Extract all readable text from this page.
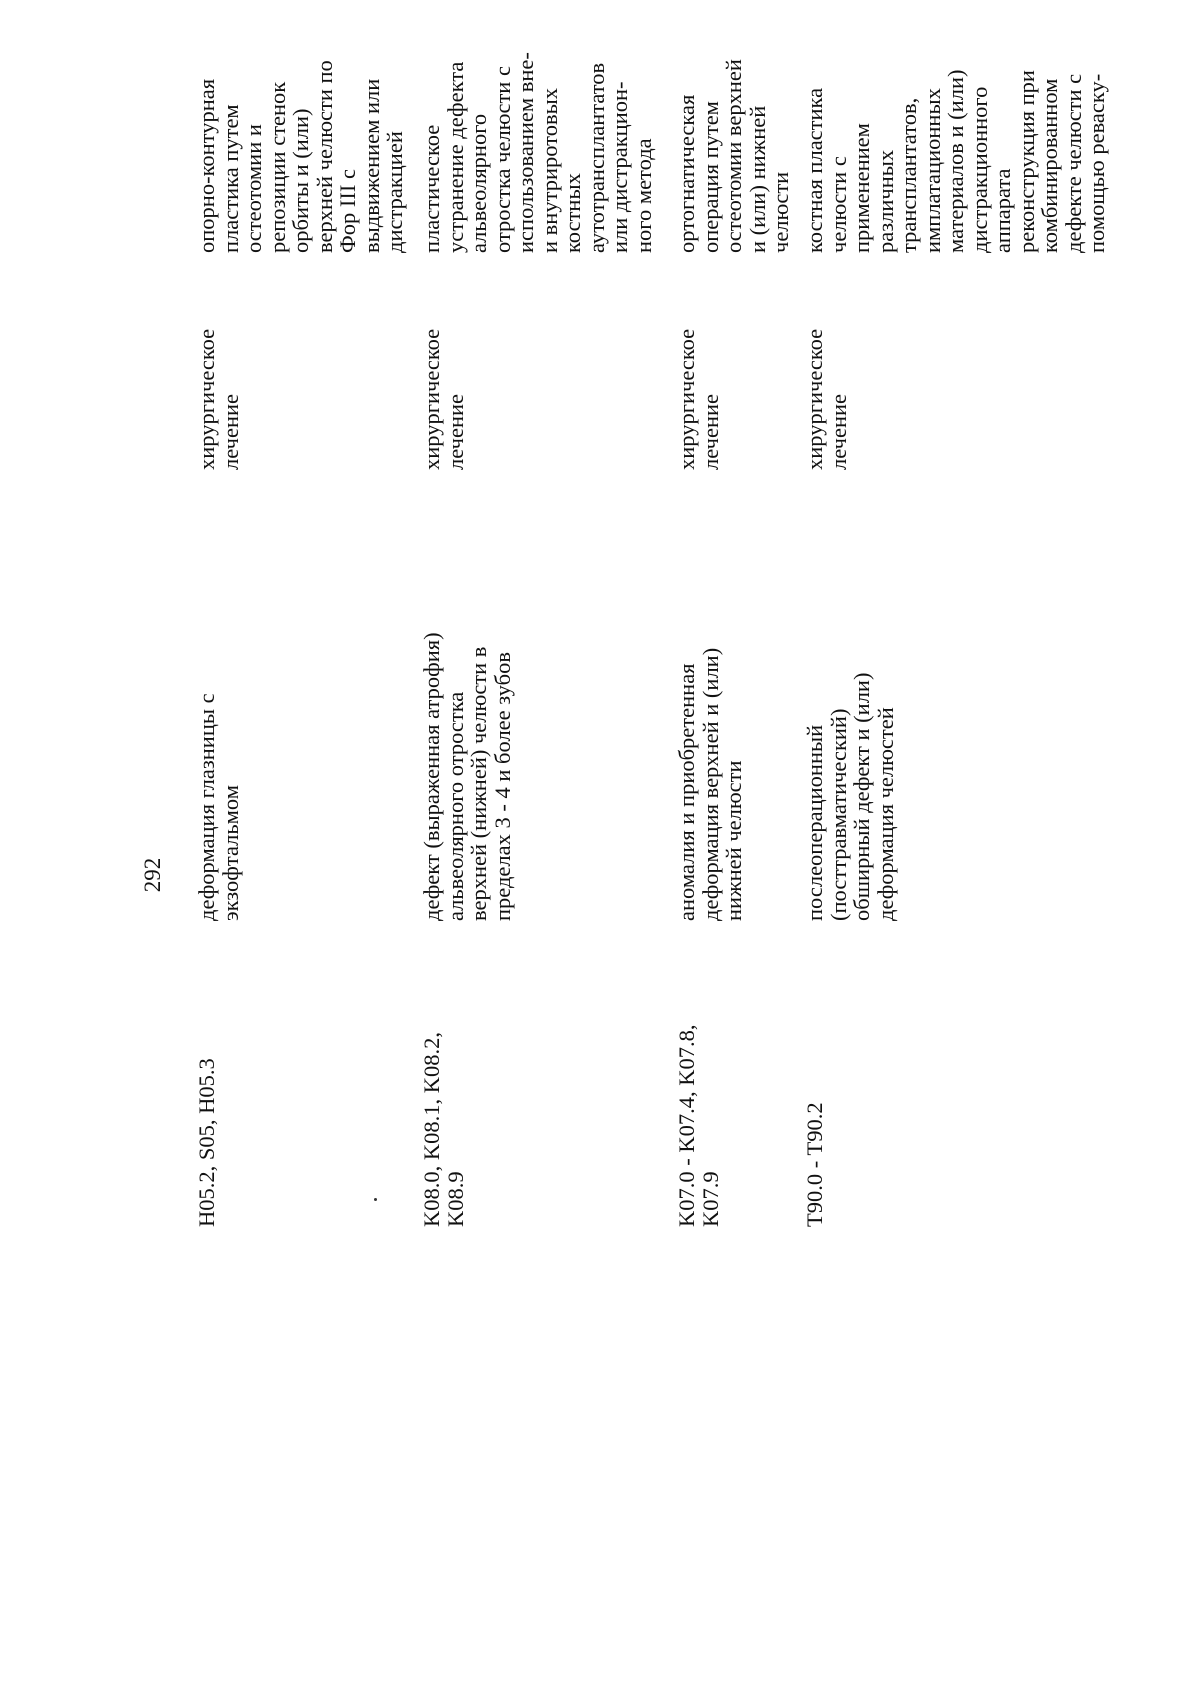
292
H05.2, S05, H05.3
деформация глазницы с
экзофтальмом
хирургическое
лечение
опорно-контурная
пластика путем
остеотомии и
репозиции стенок
орбиты и (или)
верхней челюсти по
Фор III с
выдвижением или
дистракцией
K08.0, K08.1, K08.2,
K08.9
дефект (выраженная атрофия)
альвеолярного отростка
верхней (нижней) челюсти в
пределах 3 - 4 и более зубов
хирургическое
лечение
пластическое
устранение дефекта
альвеолярного
отростка челюсти с
использованием вне-
и внутриротовых
костных
аутотрансплантатов
или дистракцион-
ного метода
K07.0 - K07.4, K07.8,
K07.9
аномалия и приобретенная
деформация верхней и (или)
нижней челюсти
хирургическое
лечение
ортогнатическая
операция путем
остеотомии верхней
и (или) нижней
челюсти
T90.0 - T90.2
послеоперационный
(посттравматический)
обширный дефект и (или)
деформация челюстей
хирургическое
лечение
костная пластика
челюсти с
применением
различных
трансплантатов,
имплатационных
материалов и (или)
дистракционного
аппарата
реконструкция при
комбинированном
дефекте челюсти с
помощью реваску-
